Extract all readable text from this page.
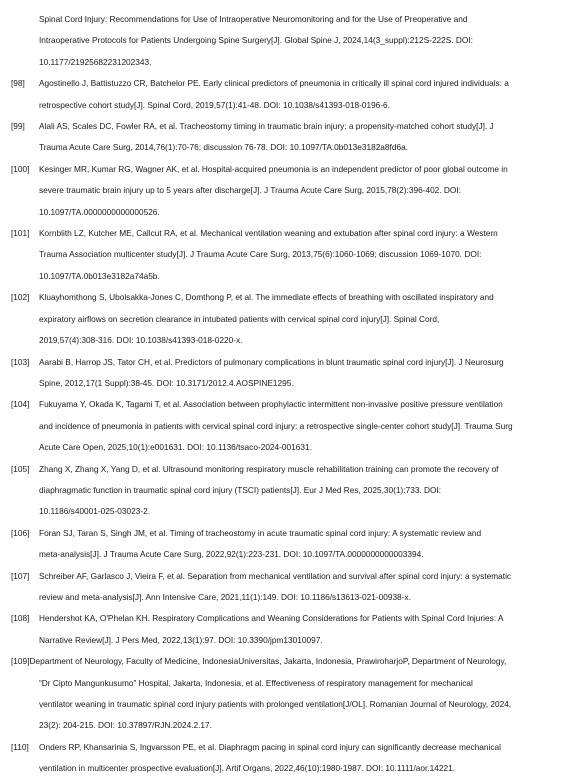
Spinal Cord Injury: Recommendations for Use of Intraoperative Neuromonitoring and for the Use of Preoperative and
Intraoperative Protocols for Patients Undergoing Spine Surgery[J]. Global Spine J, 2024,14(3_suppl):212S-222S. DOI:
10.1177/21925682231202343.
[98]	Agostinello J, Battistuzzo CR, Batchelor PE. Early clinical predictors of pneumonia in critically ill spinal cord injured individuals: a
retrospective cohort study[J]. Spinal Cord, 2019,57(1):41-48. DOI: 10.1038/s41393-018-0196-6.
[99]	Alali AS, Scales DC, Fowler RA, et al. Tracheostomy timing in traumatic brain injury: a propensity-matched cohort study[J]. J
Trauma Acute Care Surg, 2014,76(1):70-76; discussion 76-78. DOI: 10.1097/TA.0b013e3182a8fd6a.
[100]	Kesinger MR, Kumar RG, Wagner AK, et al. Hospital-acquired pneumonia is an independent predictor of poor global outcome in
severe traumatic brain injury up to 5 years after discharge[J]. J Trauma Acute Care Surg, 2015,78(2):396-402. DOI:
10.1097/TA.0000000000000526.
[101]	Kornblith LZ, Kutcher ME, Callcut RA, et al. Mechanical ventilation weaning and extubation after spinal cord injury: a Western
Trauma Association multicenter study[J]. J Trauma Acute Care Surg, 2013,75(6):1060-1069; discussion 1069-1070. DOI:
10.1097/TA.0b013e3182a74a5b.
[102]	Kluayhomthong S, Ubolsakka-Jones C, Domthong P, et al. The immediate effects of breathing with oscillated inspiratory and
expiratory airflows on secretion clearance in intubated patients with cervical spinal cord injury[J]. Spinal Cord,
2019,57(4):308-316. DOI: 10.1038/s41393-018-0220-x.
[103]	Aarabi B, Harrop JS, Tator CH, et al. Predictors of pulmonary complications in blunt traumatic spinal cord injury[J]. J Neurosurg
Spine, 2012,17(1 Suppl):38-45. DOI: 10.3171/2012.4.AOSPINE1295.
[104]	Fukuyama Y, Okada K, Tagami T, et al. Association between prophylactic intermittent non-invasive positive pressure ventilation
and incidence of pneumonia in patients with cervical spinal cord injury: a retrospective single-center cohort study[J]. Trauma Surg
Acute Care Open, 2025,10(1):e001631. DOI: 10.1136/tsaco-2024-001631.
[105]	Zhang X, Zhang X, Yang D, et al. Ultrasound monitoring respiratory muscle rehabilitation training can promote the recovery of
diaphragmatic function in traumatic spinal cord injury (TSCI) patients[J]. Eur J Med Res, 2025,30(1):733. DOI:
10.1186/s40001-025-03023-2.
[106]	Foran SJ, Taran S, Singh JM, et al. Timing of tracheostomy in acute traumatic spinal cord injury: A systematic review and
meta-analysis[J]. J Trauma Acute Care Surg, 2022,92(1):223-231. DOI: 10.1097/TA.0000000000003394.
[107]	Schreiber AF, Garlasco J, Vieira F, et al. Separation from mechanical ventilation and survival after spinal cord injury: a systematic
review and meta-analysis[J]. Ann Intensive Care, 2021,11(1):149. DOI: 10.1186/s13613-021-00938-x.
[108]	Hendershot KA, O'Phelan KH. Respiratory Complications and Weaning Considerations for Patients with Spinal Cord Injuries: A
Narrative Review[J]. J Pers Med, 2022,13(1):97. DOI: 10.3390/jpm13010097.
[109]Department of Neurology, Faculty of Medicine, IndonesiaUniversitas, Jakarta, Indonesia, PrawiroharjoP, Department of Neurology,
“Dr Cipto Mangunkusumo” Hospital, Jakarta, Indonesia, et al. Effectiveness of respiratory management for mechanical
ventilator weaning in traumatic spinal cord injury patients with prolonged ventilation[J/OL]. Romanian Journal of Neurology, 2024,
23(2): 204-215. DOI: 10.37897/RJN.2024.2.17.
[110]	Onders RP, Khansarinia S, Ingvarsson PE, et al. Diaphragm pacing in spinal cord injury can significantly decrease mechanical
ventilation in multicenter prospective evaluation[J]. Artif Organs, 2022,46(10):1980-1987. DOI: 10.1111/aor.14221.
